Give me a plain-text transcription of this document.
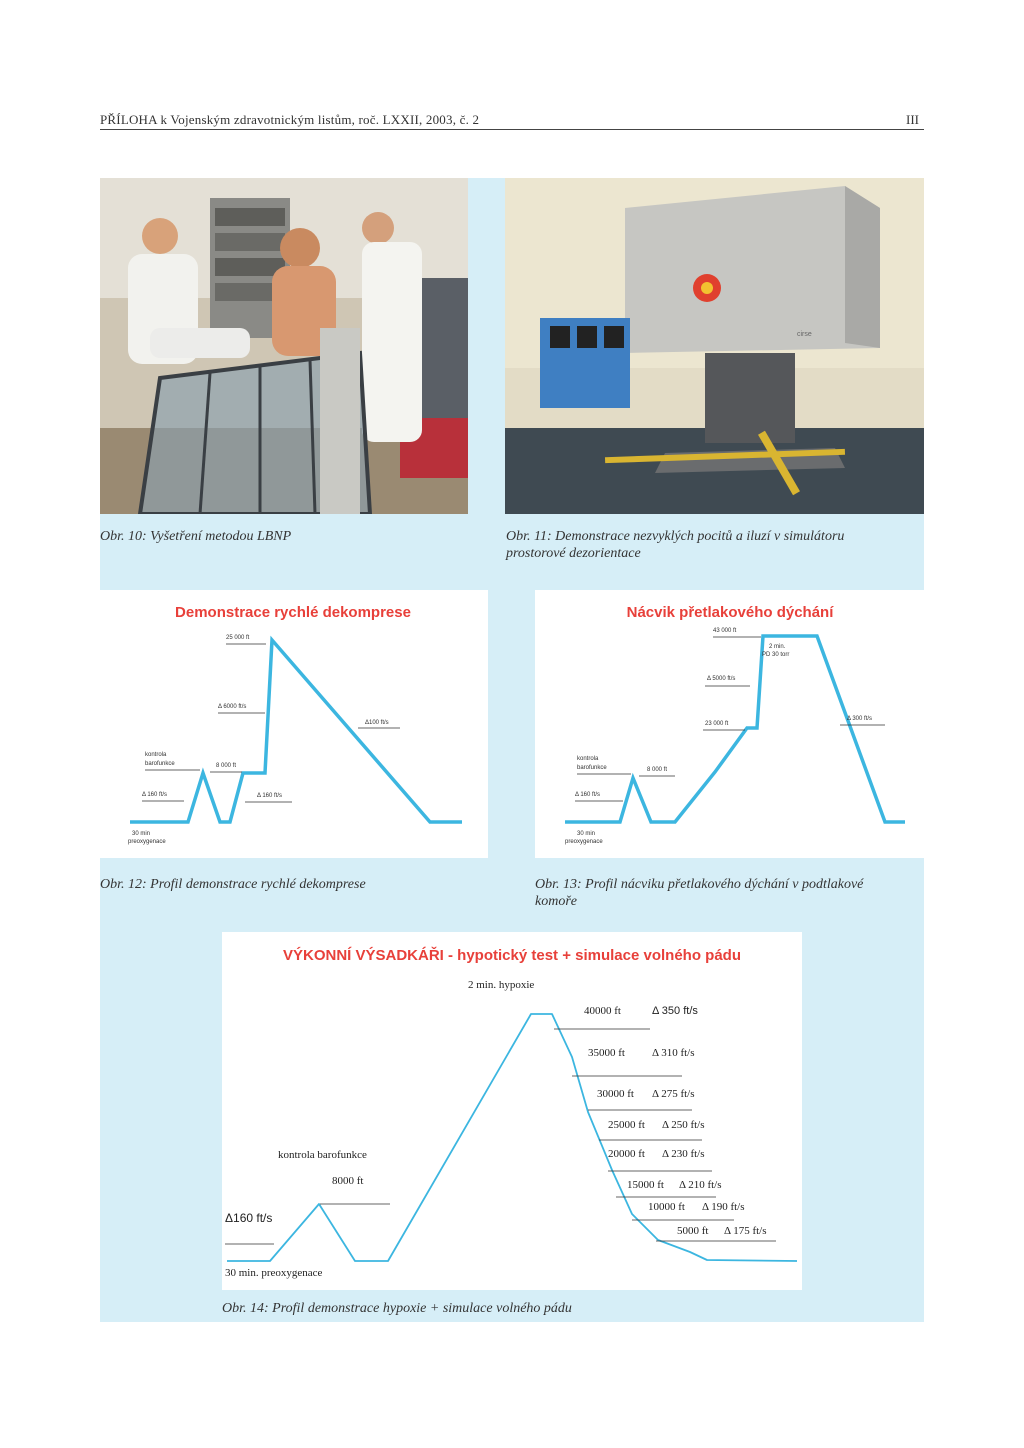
PŘÍLOHA k Vojenským zdravotnickým listům, roč. LXXII, 2003, č. 2	III
cirse
Obr. 10: Vyšetření metodou LBNP	Obr. 11: Demonstrace nezvyklých pocitů a iluzí v simulátoru
prostorové dezorientace
Demonstrace rychlé dekomprese
25 000 ft
Δ 6000 ft/s
Δ100 ft/s
kontrola
barofunkce	8 000 ft
Δ 160 ft/s	Δ 160 ft/s
30 min
preoxygenace
Nácvik přetlakového dýchání
43 000 ft
2 min.
PD 30 torr
Δ 5000 ft/s
23 000 ft
Δ 300 ft/s
kontrola
barofunkce	8 000 ft
Δ 160 ft/s
30 min
preoxygenace
Obr. 12: Profil demonstrace rychlé dekomprese	Obr. 13: Profil nácviku přetlakového dýchání v podtlakové
komoře
VÝKONNÍ VÝSADKÁŘI - hypotický test + simulace volného pádu
2 min. hypoxie
40000 ft	Δ 350 ft/s
35000 ft Δ 310 ft/s
30000 ft Δ 275 ft/s
25000 ft Δ 250 ft/s
20000 ft Δ 230 ft/s
15000 ft Δ 210 ft/s
10000 ft Δ 190 ft/s
5000 ft Δ 175 ft/s
kontrola barofunkce
8000 ft
Δ160 ft/s
30 min. preoxygenace
Obr. 14: Profil demonstrace hypoxie + simulace volného pádu
